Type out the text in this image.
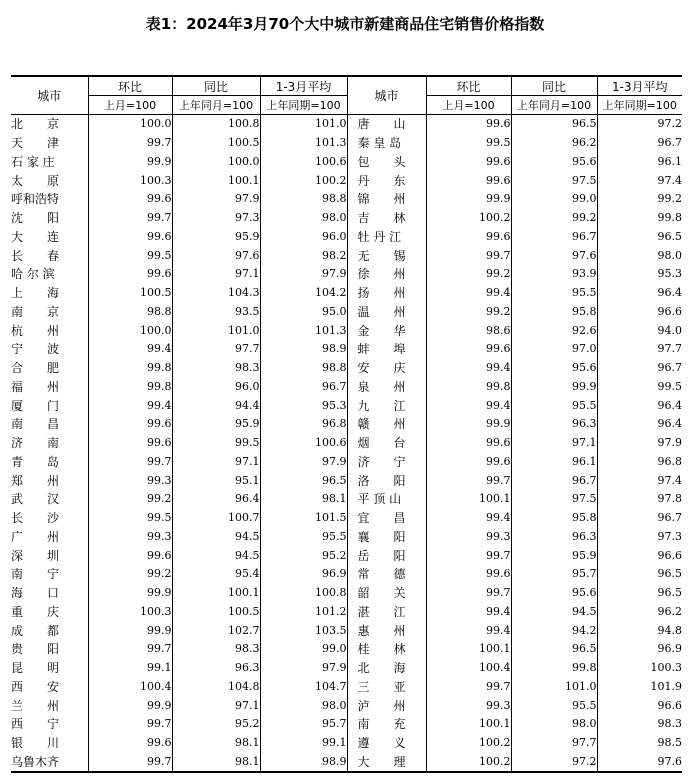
表1：2024年3月70个大中城市新建商品住宅销售价格指数
城市	环比	同比	1-3月平均	城市	环比	同比	1-3月平均
	上月=100	上年同月=100	上年同期=100		上月=100	上年同月=100	上年同期=100
北　　京	100.0	100.8	101.0	唐　　山	99.6	96.5	97.2
天　　津	99.7	100.5	101.3	秦 皇 岛	99.5	96.2	96.7
石 家 庄	99.9	100.0	100.6	包　　头	99.6	95.6	96.1
太　　原	100.3	100.1	100.2	丹　　东	99.6	97.5	97.4
呼和浩特	99.6	97.9	98.8	锦　　州	99.9	99.0	99.2
沈　　阳	99.7	97.3	98.0	吉　　林	100.2	99.2	99.8
大　　连	99.6	95.9	96.0	牡 丹 江	99.6	96.7	96.5
长　　春	99.5	97.6	98.2	无　　锡	99.7	97.6	98.0
哈 尔 滨	99.6	97.1	97.9	徐　　州	99.2	93.9	95.3
上　　海	100.5	104.3	104.2	扬　　州	99.4	95.5	96.4
南　　京	98.8	93.5	95.0	温　　州	99.2	95.8	96.6
杭　　州	100.0	101.0	101.3	金　　华	98.6	92.6	94.0
宁　　波	99.4	97.7	98.9	蚌　　埠	99.6	97.0	97.7
合　　肥	99.8	98.3	98.8	安　　庆	99.4	95.6	96.7
福　　州	99.8	96.0	96.7	泉　　州	99.8	99.9	99.5
厦　　门	99.4	94.4	95.3	九　　江	99.4	95.5	96.4
南　　昌	99.6	95.9	96.8	赣　　州	99.9	96.3	96.4
济　　南	99.6	99.5	100.6	烟　　台	99.6	97.1	97.9
青　　岛	99.7	97.1	97.9	济　　宁	99.6	96.1	96.8
郑　　州	99.3	95.1	96.5	洛　　阳	99.7	96.7	97.4
武　　汉	99.2	96.4	98.1	平 顶 山	100.1	97.5	97.8
长　　沙	99.5	100.7	101.5	宜　　昌	99.4	95.8	96.7
广　　州	99.3	94.5	95.5	襄　　阳	99.3	96.3	97.3
深　　圳	99.6	94.5	95.2	岳　　阳	99.7	95.9	96.6
南　　宁	99.2	95.4	96.9	常　　德	99.6	95.7	96.5
海　　口	99.9	100.1	100.8	韶　　关	99.7	95.6	96.5
重　　庆	100.3	100.5	101.2	湛　　江	99.4	94.5	96.2
成　　都	99.9	102.7	103.5	惠　　州	99.4	94.2	94.8
贵　　阳	99.7	98.3	99.0	桂　　林	100.1	96.5	96.9
昆　　明	99.1	96.3	97.9	北　　海	100.4	99.8	100.3
西　　安	100.4	104.8	104.7	三　　亚	99.7	101.0	101.9
兰　　州	99.9	97.1	98.0	泸　　州	99.3	95.5	96.6
西　　宁	99.7	95.2	95.7	南　　充	100.1	98.0	98.3
银　　川	99.6	98.1	99.1	遵　　义	100.2	97.7	98.5
乌鲁木齐	99.7	98.1	98.9	大　　理	100.2	97.2	97.6
